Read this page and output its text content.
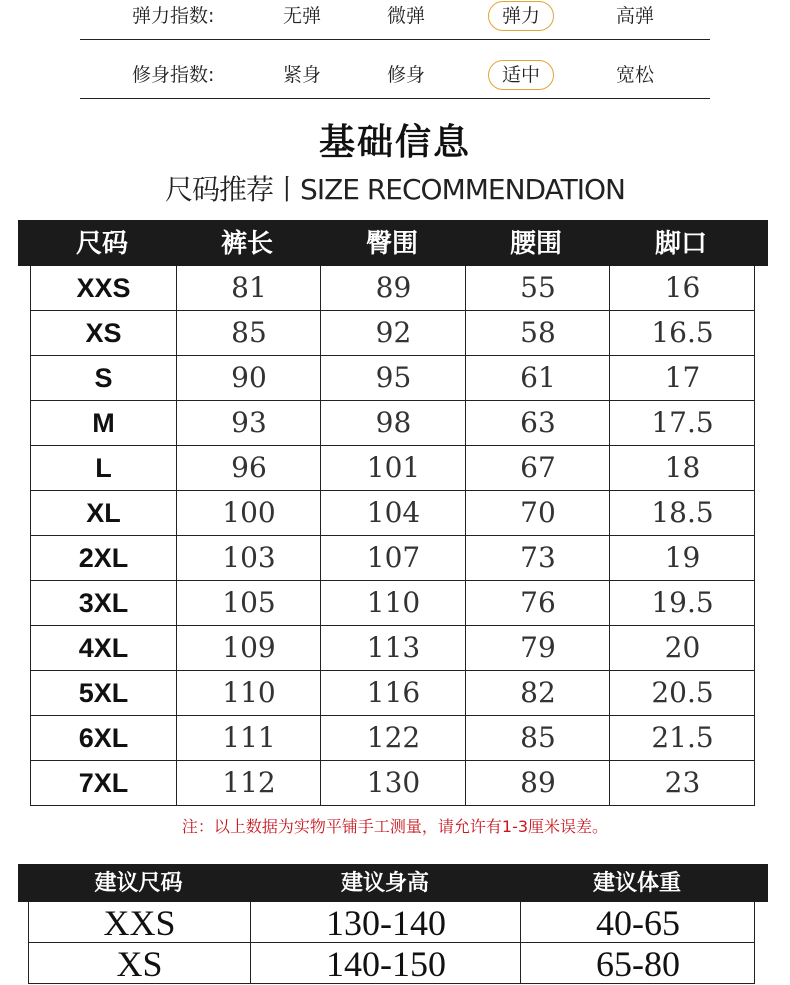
弹力指数:	无弹	微弹	弹力	高弹
修身指数:	紧身	修身	适中	宽松
基础信息
尺码推荐丨SIZE RECOMMENDATION
尺码	裤长	臀围	腰围	脚口
XXS	81	89	55	16
XS	85	92	58	16.5
S	90	95	61	17
M	93	98	63	17.5
L	96	101	67	18
XL	100	104	70	18.5
2XL	103	107	73	19
3XL	105	110	76	19.5
4XL	109	113	79	20
5XL	110	116	82	20.5
6XL	111	122	85	21.5
7XL	112	130	89	23
注：以上数据为实物平铺手工测量，请允许有1-3厘米误差。
建议尺码	建议身高	建议体重
XXS	130-140	40-65
XS	140-150	65-80
